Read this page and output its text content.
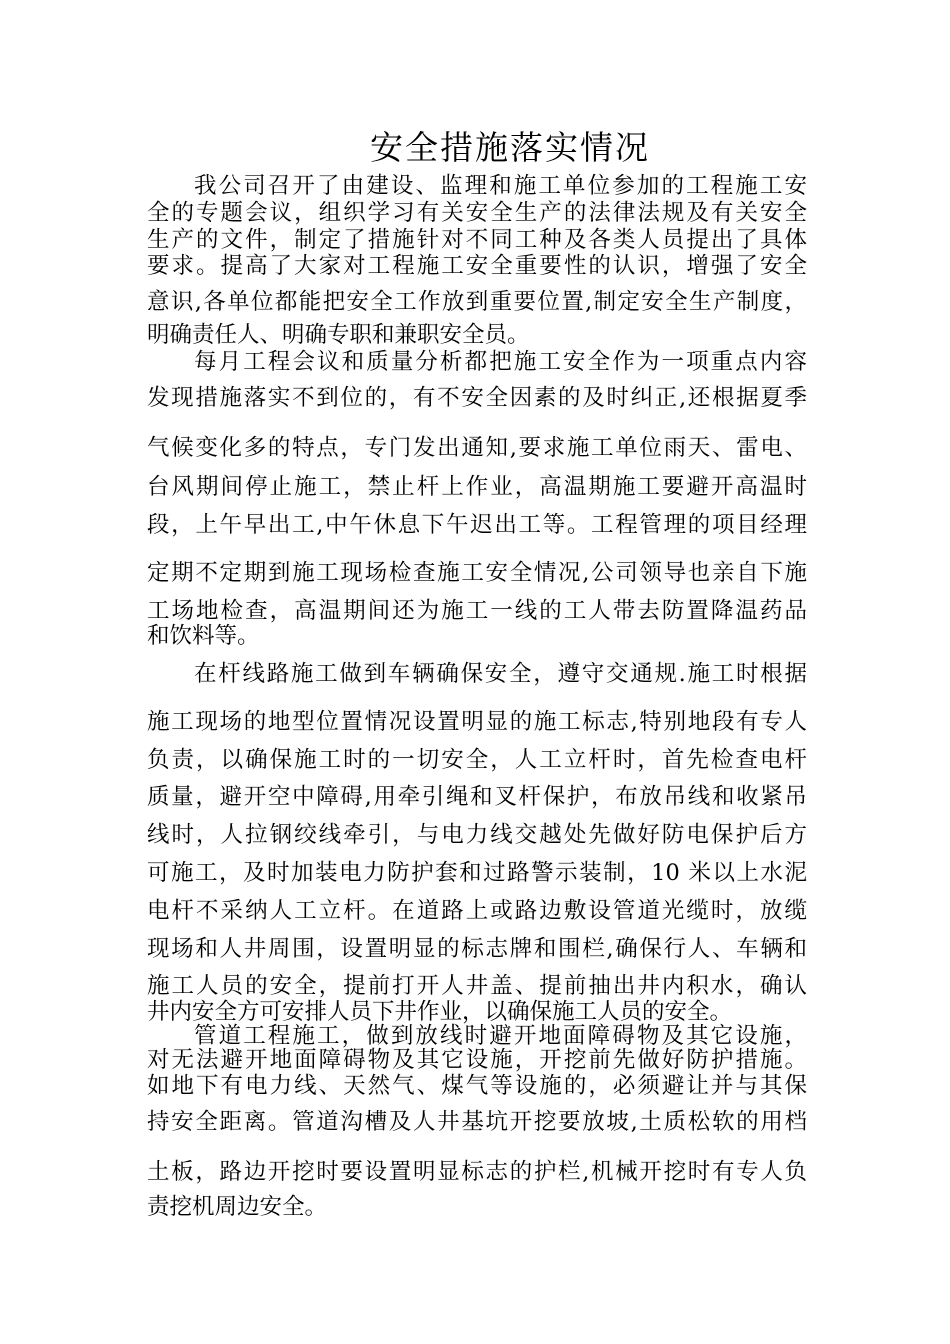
安全措施落实情况
我公司召开了由建设、监理和施工单位参加的工程施工安
全的专题会议，组织学习有关安全生产的法律法规及有关安全
生产的文件，制定了措施针对不同工种及各类人员提出了具体
要求。提高了大家对工程施工安全重要性的认识，增强了安全
意识,各单位都能把安全工作放到重要位置,制定安全生产制度，
明确责任人、明确专职和兼职安全员。
每月工程会议和质量分析都把施工安全作为一项重点内容
发现措施落实不到位的，有不安全因素的及时纠正,还根据夏季
气候变化多的特点，专门发出通知,要求施工单位雨天、雷电、
台风期间停止施工，禁止杆上作业，高温期施工要避开高温时
段，上午早出工,中午休息下午迟出工等。工程管理的项目经理
定期不定期到施工现场检查施工安全情况,公司领导也亲自下施
工场地检查，高温期间还为施工一线的工人带去防置降温药品
和饮料等。
在杆线路施工做到车辆确保安全，遵守交通规.施工时根据
施工现场的地型位置情况设置明显的施工标志,特别地段有专人
负责，以确保施工时的一切安全，人工立杆时，首先检查电杆
质量，避开空中障碍,用牵引绳和叉杆保护，布放吊线和收紧吊
线时，人拉钢绞线牵引，与电力线交越处先做好防电保护后方
可施工，及时加装电力防护套和过路警示装制，10 米以上水泥
电杆不采纳人工立杆。在道路上或路边敷设管道光缆时，放缆
现场和人井周围，设置明显的标志牌和围栏,确保行人、车辆和
施工人员的安全，提前打开人井盖、提前抽出井内积水，确认
井内安全方可安排人员下井作业，以确保施工人员的安全。
管道工程施工，做到放线时避开地面障碍物及其它设施，
对无法避开地面障碍物及其它设施，开挖前先做好防护措施。
如地下有电力线、天然气、煤气等设施的，必须避让并与其保
持安全距离。管道沟槽及人井基坑开挖要放坡,土质松软的用档
土板，路边开挖时要设置明显标志的护栏,机械开挖时有专人负
责挖机周边安全。
